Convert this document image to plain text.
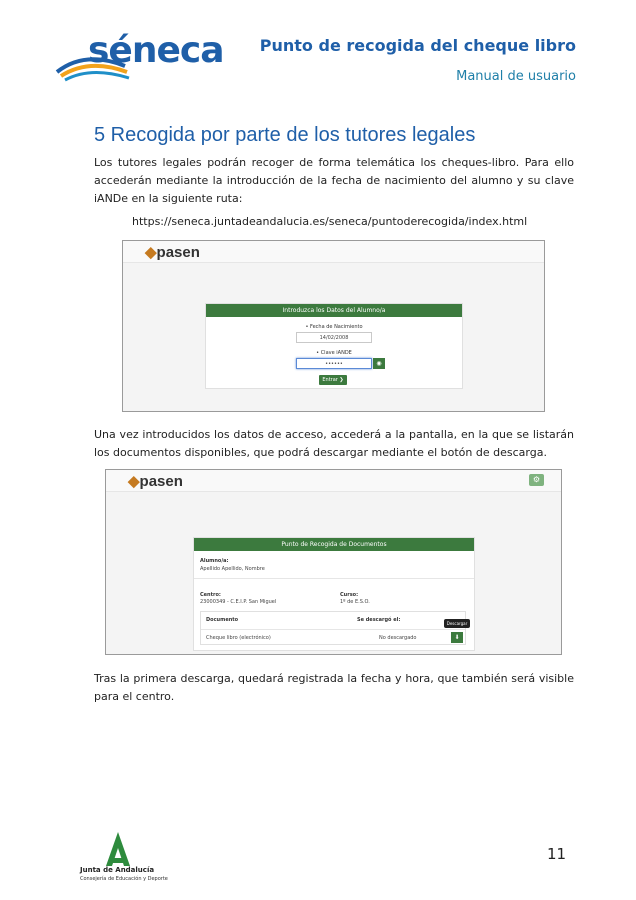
séneca Punto de recogida del cheque libro
Manual de usuario
5 Recogida por parte de los tutores legales
Los tutores legales podrán recoger de forma telemática los cheques-libro. Para ello accederán mediante la introducción de la fecha de nacimiento del alumno y su clave iANDe en la siguiente ruta:
https://seneca.juntadeandalucia.es/seneca/puntoderecogida/index.html
◆pasen
Introduzca los Datos del Alumno/a
• Fecha de Nacimiento
14/02/2008
• Clave iANDE
••••••	◉
Entrar ❯
Una vez introducidos los datos de acceso, accederá a la pantalla, en la que se listarán los documentos disponibles, que podrá descargar mediante el botón de descarga.
◆pasen	⚙
Punto de Recogida de Documentos
Alumno/a:
Apellido Apellido, Nombre
Centro:
23000349 - C.E.I.P. San Miguel
Curso:
1º de E.S.O.
Documento	Se descargó el:
Cheque libro (electrónico)	No descargado
Descargar
⬇
Tras la primera descarga, quedará registrada la fecha y hora, que también será visible para el centro.
Junta de Andalucía
Consejería de Educación y Deporte
11
